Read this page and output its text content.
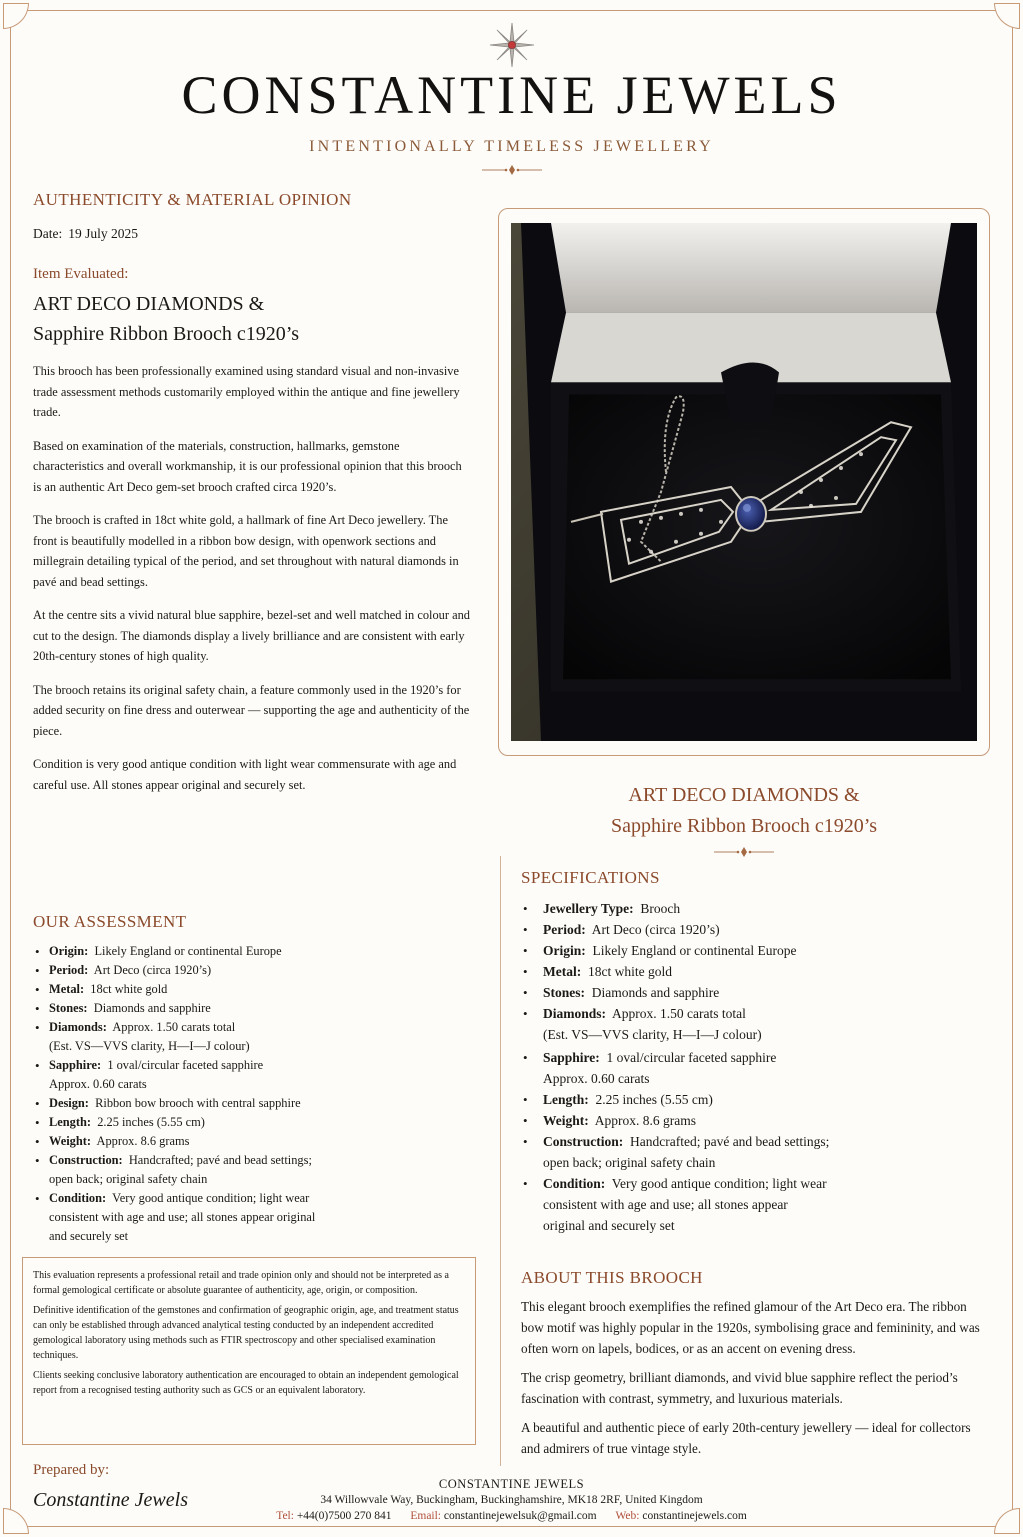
CONSTANTINE JEWELS
INTENTIONALLY TIMELESS JEWELLERY
AUTHENTICITY & MATERIAL OPINION
Date: 19 July 2025
Item Evaluated:
ART DECO DIAMONDS &
Sapphire Ribbon Brooch c1920’s

This brooch has been professionally examined using standard visual and non-invasive trade assessment methods customarily employed within the antique and fine jewellery trade.

Based on examination of the materials, construction, hallmarks, gemstone characteristics and overall workmanship, it is our professional opinion that this brooch is an authentic Art Deco gem-set brooch crafted circa 1920’s.

The brooch is crafted in 18ct white gold, a hallmark of fine Art Deco jewellery. The front is beautifully modelled in a ribbon bow design, with openwork sections and millegrain detailing typical of the period, and set throughout with natural diamonds in pavé and bead settings.

At the centre sits a vivid natural blue sapphire, bezel-set and well matched in colour and cut to the design. The diamonds display a lively brilliance and are consistent with early 20th-century stones of high quality.

The brooch retains its original safety chain, a feature commonly used in the 1920’s for added security on fine dress and outerwear — supporting the age and authenticity of the piece.

Condition is very good antique condition with light wear commensurate with age and careful use. All stones appear original and securely set.

OUR ASSESSMENT
• Origin: Likely England or continental Europe
• Period: Art Deco (circa 1920’s)
• Metal: 18ct white gold
• Stones: Diamonds and sapphire
• Diamonds: Approx. 1.50 carats total
(Est. VS—VVS clarity, H—I—J colour)
• Sapphire: 1 oval/circular faceted sapphire
Approx. 0.60 carats
• Design: Ribbon bow brooch with central sapphire
• Length: 2.25 inches (5.55 cm)
• Weight: Approx. 8.6 grams
• Construction: Handcrafted; pavé and bead settings;
open back; original safety chain
• Condition: Very good antique condition; light wear
consistent with age and use; all stones appear original
and securely set

This evaluation represents a professional retail and trade opinion only and should not be interpreted as a formal gemological certificate or absolute guarantee of authenticity, age, origin, or composition.

Definitive identification of the gemstones and confirmation of geographic origin, age, and treatment status can only be established through advanced analytical testing conducted by an independent accredited gemological laboratory using methods such as FTIR spectroscopy and other specialised examination techniques.

Clients seeking conclusive laboratory authentication are encouraged to obtain an independent gemological report from a recognised testing authority such as GCS or an equivalent laboratory.

Prepared by:
Constantine Jewels
ART DECO DIAMONDS &
Sapphire Ribbon Brooch c1920’s
SPECIFICATIONS
• Jewellery Type: Brooch
• Period: Art Deco (circa 1920’s)
• Origin: Likely England or continental Europe
• Metal: 18ct white gold
• Stones: Diamonds and sapphire
• Diamonds: Approx. 1.50 carats total
(Est. VS—VVS clarity, H—I—J colour)
• Sapphire: 1 oval/circular faceted sapphire
Approx. 0.60 carats
• Length: 2.25 inches (5.55 cm)
• Weight: Approx. 8.6 grams
• Construction: Handcrafted; pavé and bead settings;
open back; original safety chain
• Condition: Very good antique condition; light wear
consistent with age and use; all stones appear
original and securely set
ABOUT THIS BROOCH

This elegant brooch exemplifies the refined glamour of the Art Deco era. The ribbon bow motif was highly popular in the 1920s, symbolising grace and femininity, and was often worn on lapels, bodices, or as an accent on evening dress.

The crisp geometry, brilliant diamonds, and vivid blue sapphire reflect the period’s fascination with contrast, symmetry, and luxurious materials.

A beautiful and authentic piece of early 20th-century jewellery — ideal for collectors and admirers of true vintage style.

CONSTANTINE JEWELS
34 Willowvale Way, Buckingham, Buckinghamshire, MK18 2RF, United Kingdom
Tel: +44(0)7500 270 841 Email: constantinejewelsuk@gmail.com Web: constantinejewels.com
